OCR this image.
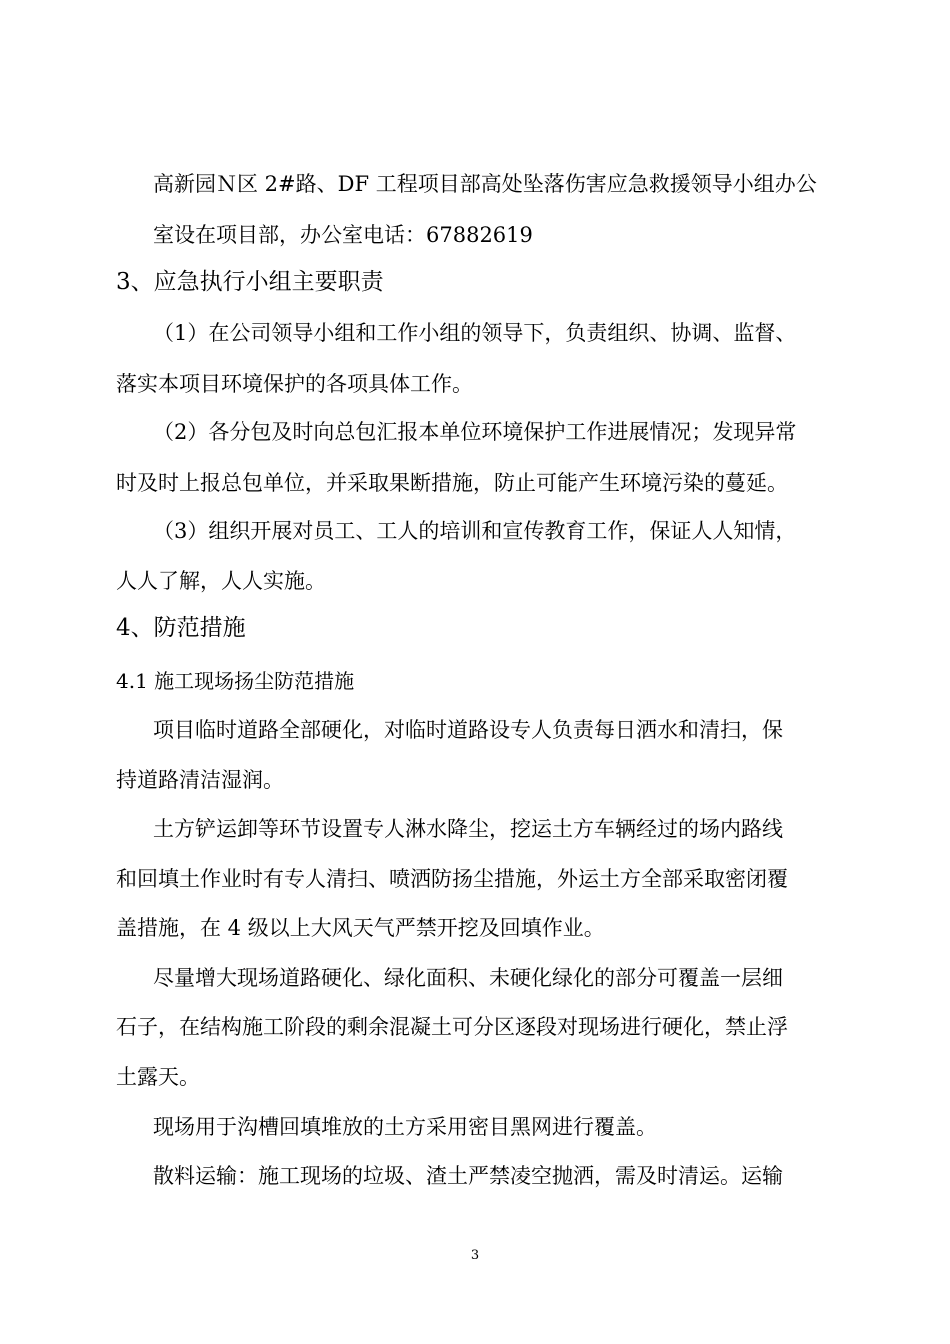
高新园Ｎ区 2#路、DF 工程项目部高处坠落伤害应急救援领导小组办公
室设在项目部，办公室电话：67882619
3、应急执行小组主要职责
（1）在公司领导小组和工作小组的领导下，负责组织、协调、监督、
落实本项目环境保护的各项具体工作。
（2）各分包及时向总包汇报本单位环境保护工作进展情况；发现异常
时及时上报总包单位，并采取果断措施，防止可能产生环境污染的蔓延。
（3）组织开展对员工、工人的培训和宣传教育工作，保证人人知情，
人人了解，人人实施。
4、防范措施
4.1 施工现场扬尘防范措施
项目临时道路全部硬化，对临时道路设专人负责每日洒水和清扫，保
持道路清洁湿润。
土方铲运卸等环节设置专人淋水降尘，挖运土方车辆经过的场内路线
和回填土作业时有专人清扫、喷洒防扬尘措施，外运土方全部采取密闭覆
盖措施，在 4 级以上大风天气严禁开挖及回填作业。
尽量增大现场道路硬化、绿化面积、未硬化绿化的部分可覆盖一层细
石子，在结构施工阶段的剩余混凝土可分区逐段对现场进行硬化，禁止浮
土露天。
现场用于沟槽回填堆放的土方采用密目黑网进行覆盖。
散料运输：施工现场的垃圾、渣土严禁凌空抛洒，需及时清运。运输
3
